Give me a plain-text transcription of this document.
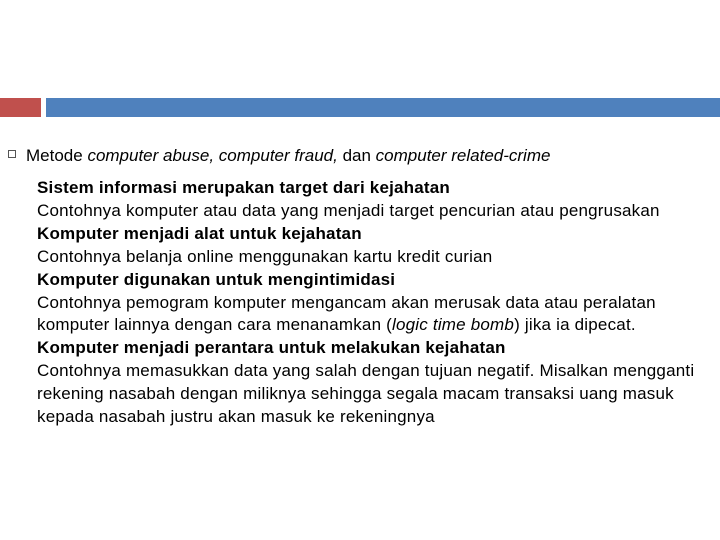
Metode computer abuse, computer fraud, dan computer related-crime

Sistem informasi merupakan target dari kejahatan

Contohnya komputer atau data yang menjadi target pencurian atau pengrusakan

Komputer menjadi alat untuk kejahatan

Contohnya belanja online menggunakan kartu kredit curian

Komputer digunakan untuk mengintimidasi

Contohnya pemogram komputer mengancam akan merusak data atau peralatan komputer lainnya dengan cara menanamkan (logic time bomb) jika ia dipecat.

Komputer menjadi perantara untuk melakukan kejahatan

Contohnya memasukkan data yang salah dengan tujuan negatif. Misalkan mengganti rekening nasabah dengan miliknya sehingga segala macam transaksi uang masuk kepada nasabah justru akan masuk ke rekeningnya
